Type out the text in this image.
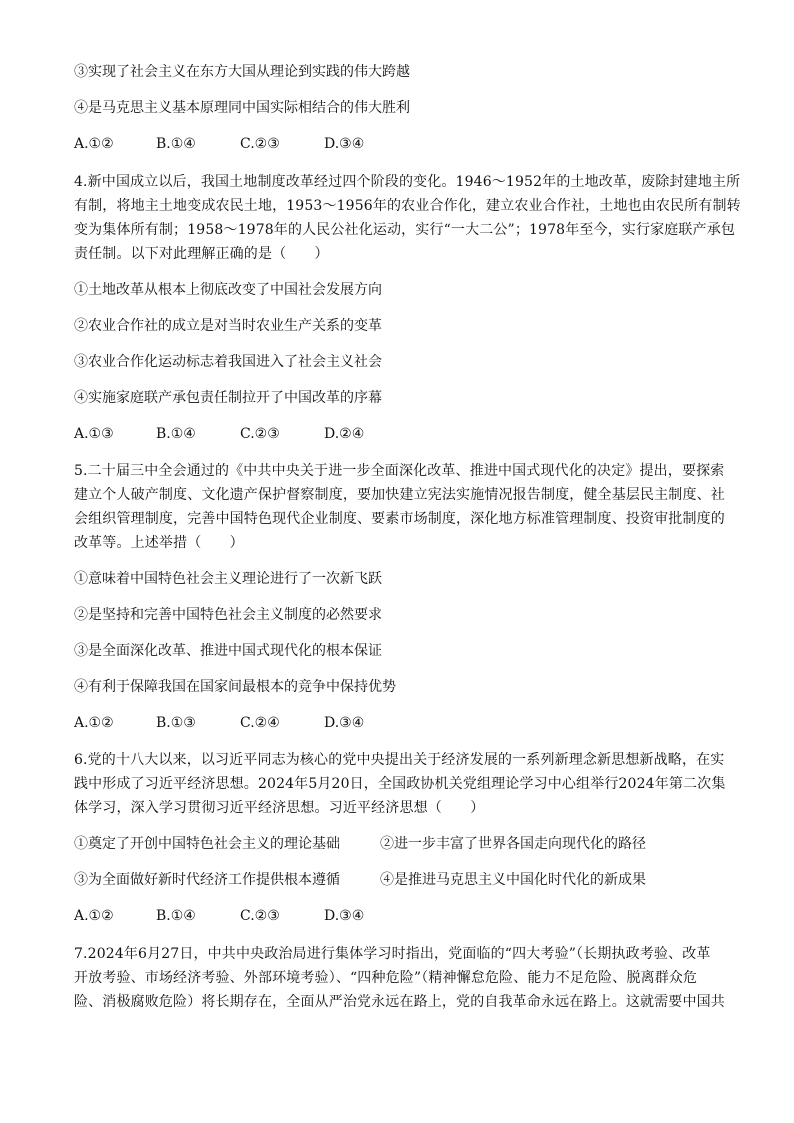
③实现了社会主义在东方大国从理论到实践的伟大跨越
④是马克思主义基本原理同中国实际相结合的伟大胜利
A.①②	B.①④	C.②③	D.③④
4.新中国成立以后，我国土地制度改革经过四个阶段的变化。1946～1952年的土地改革，废除封建地主所
有制，将地主土地变成农民土地，1953～1956年的农业合作化，建立农业合作社，土地也由农民所有制转
变为集体所有制；1958～1978年的人民公社化运动，实行“一大二公”；1978年至今，实行家庭联产承包
责任制。以下对此理解正确的是（　　）
①土地改革从根本上彻底改变了中国社会发展方向
②农业合作社的成立是对当时农业生产关系的变革
③农业合作化运动标志着我国进入了社会主义社会
④实施家庭联产承包责任制拉开了中国改革的序幕
A.①③	B.①④	C.②③	D.②④
5.二十届三中全会通过的《中共中央关于进一步全面深化改革、推进中国式现代化的决定》提出，要探索
建立个人破产制度、文化遗产保护督察制度，要加快建立宪法实施情况报告制度，健全基层民主制度、社
会组织管理制度，完善中国特色现代企业制度、要素市场制度，深化地方标准管理制度、投资审批制度的
改革等。上述举措（　　）
①意味着中国特色社会主义理论进行了一次新飞跃
②是坚持和完善中国特色社会主义制度的必然要求
③是全面深化改革、推进中国式现代化的根本保证
④有利于保障我国在国家间最根本的竞争中保持优势
A.①②	B.①③	C.②④	D.③④
6.党的十八大以来，以习近平同志为核心的党中央提出关于经济发展的一系列新理念新思想新战略，在实
践中形成了习近平经济思想。2024年5月20日，全国政协机关党组理论学习中心组举行2024年第二次集
体学习，深入学习贯彻习近平经济思想。习近平经济思想（　　）
①奠定了开创中国特色社会主义的理论基础	②进一步丰富了世界各国走向现代化的路径
③为全面做好新时代经济工作提供根本遵循	④是推进马克思主义中国化时代化的新成果
A.①②	B.①④	C.②③	D.③④
7.2024年6月27日，中共中央政治局进行集体学习时指出，党面临的“四大考验”（长期执政考验、改革
开放考验、市场经济考验、外部环境考验）、“四种危险”（精神懈怠危险、能力不足危险、脱离群众危
险、消极腐败危险）将长期存在，全面从严治党永远在路上，党的自我革命永远在路上。这就需要中国共
